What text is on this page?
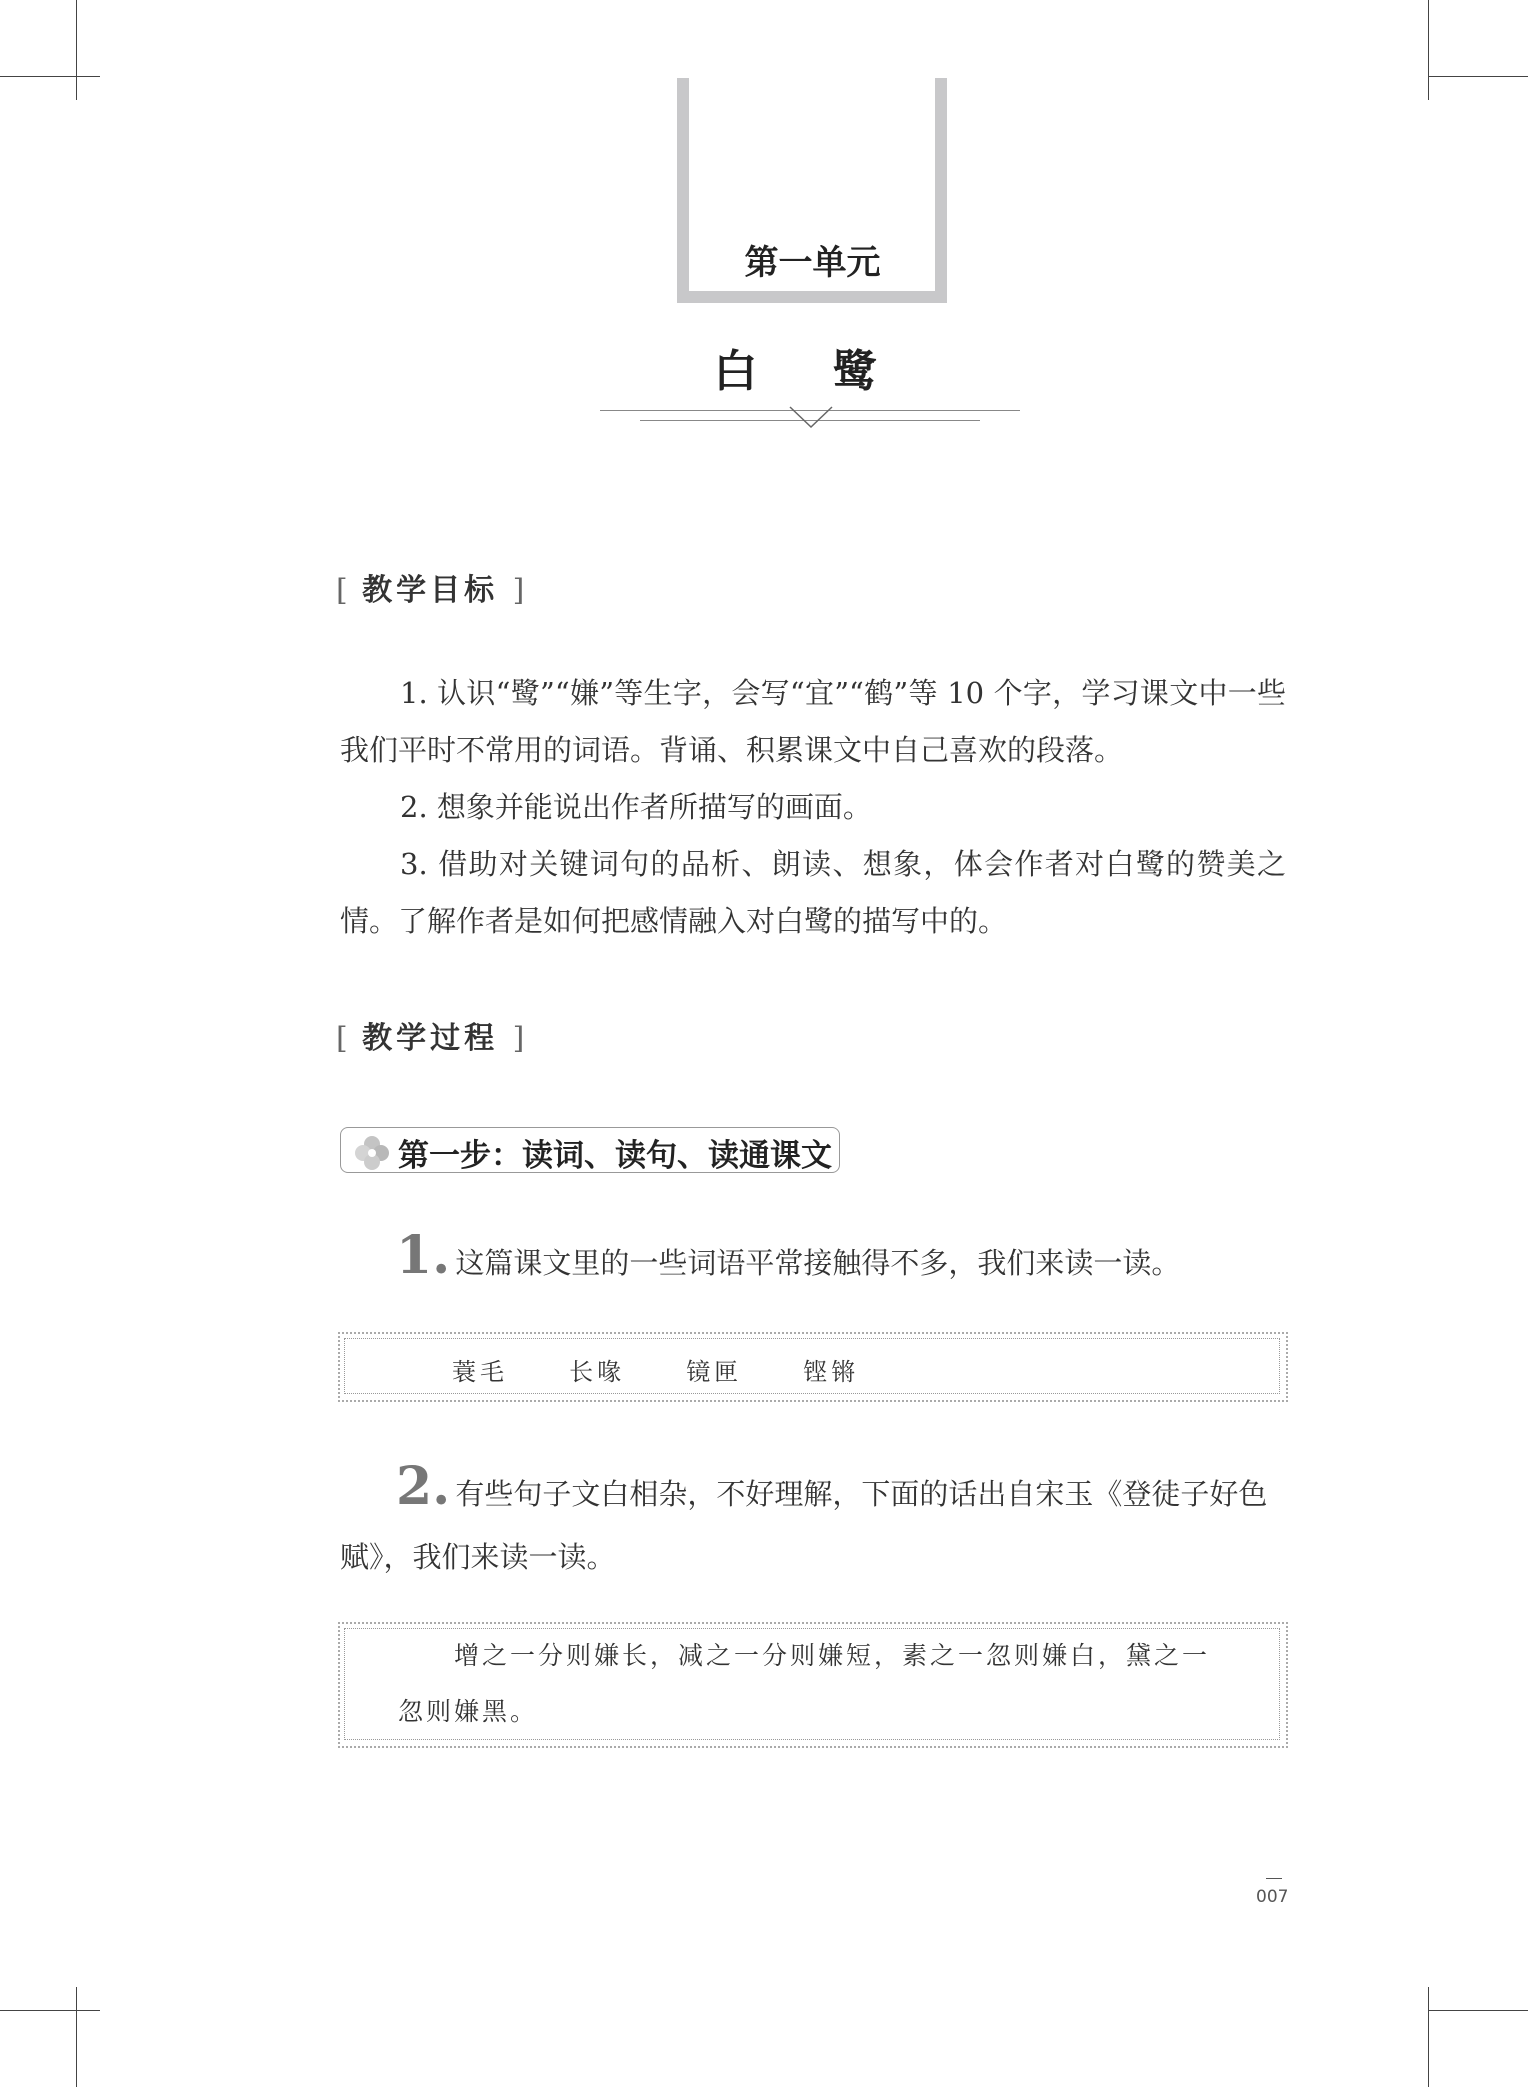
第一单元
白 鹭
[ 教学目标 ]

1. 认识“鹭”“嫌”等生字，会写“宜”“鹤”等 10 个字，学习课文中一些我们平时不常用的词语。背诵、积累课文中自己喜欢的段落。

2. 想象并能说出作者所描写的画面。

3. 借助对关键词句的品析、朗读、想象，体会作者对白鹭的赞美之情。了解作者是如何把感情融入对白鹭的描写中的。

[ 教学过程 ]
第一步：读词、读句、读通课文
1. 这篇课文里的一些词语平常接触得不多，我们来读一读。
蓑毛	长喙	镜匣	铿锵
2. 有些句子文白相杂，不好理解，下面的话出自宋玉《登徒子好色赋》，我们来读一读。
增之一分则嫌长，减之一分则嫌短，素之一忽则嫌白，黛之一忽则嫌黑。
007
